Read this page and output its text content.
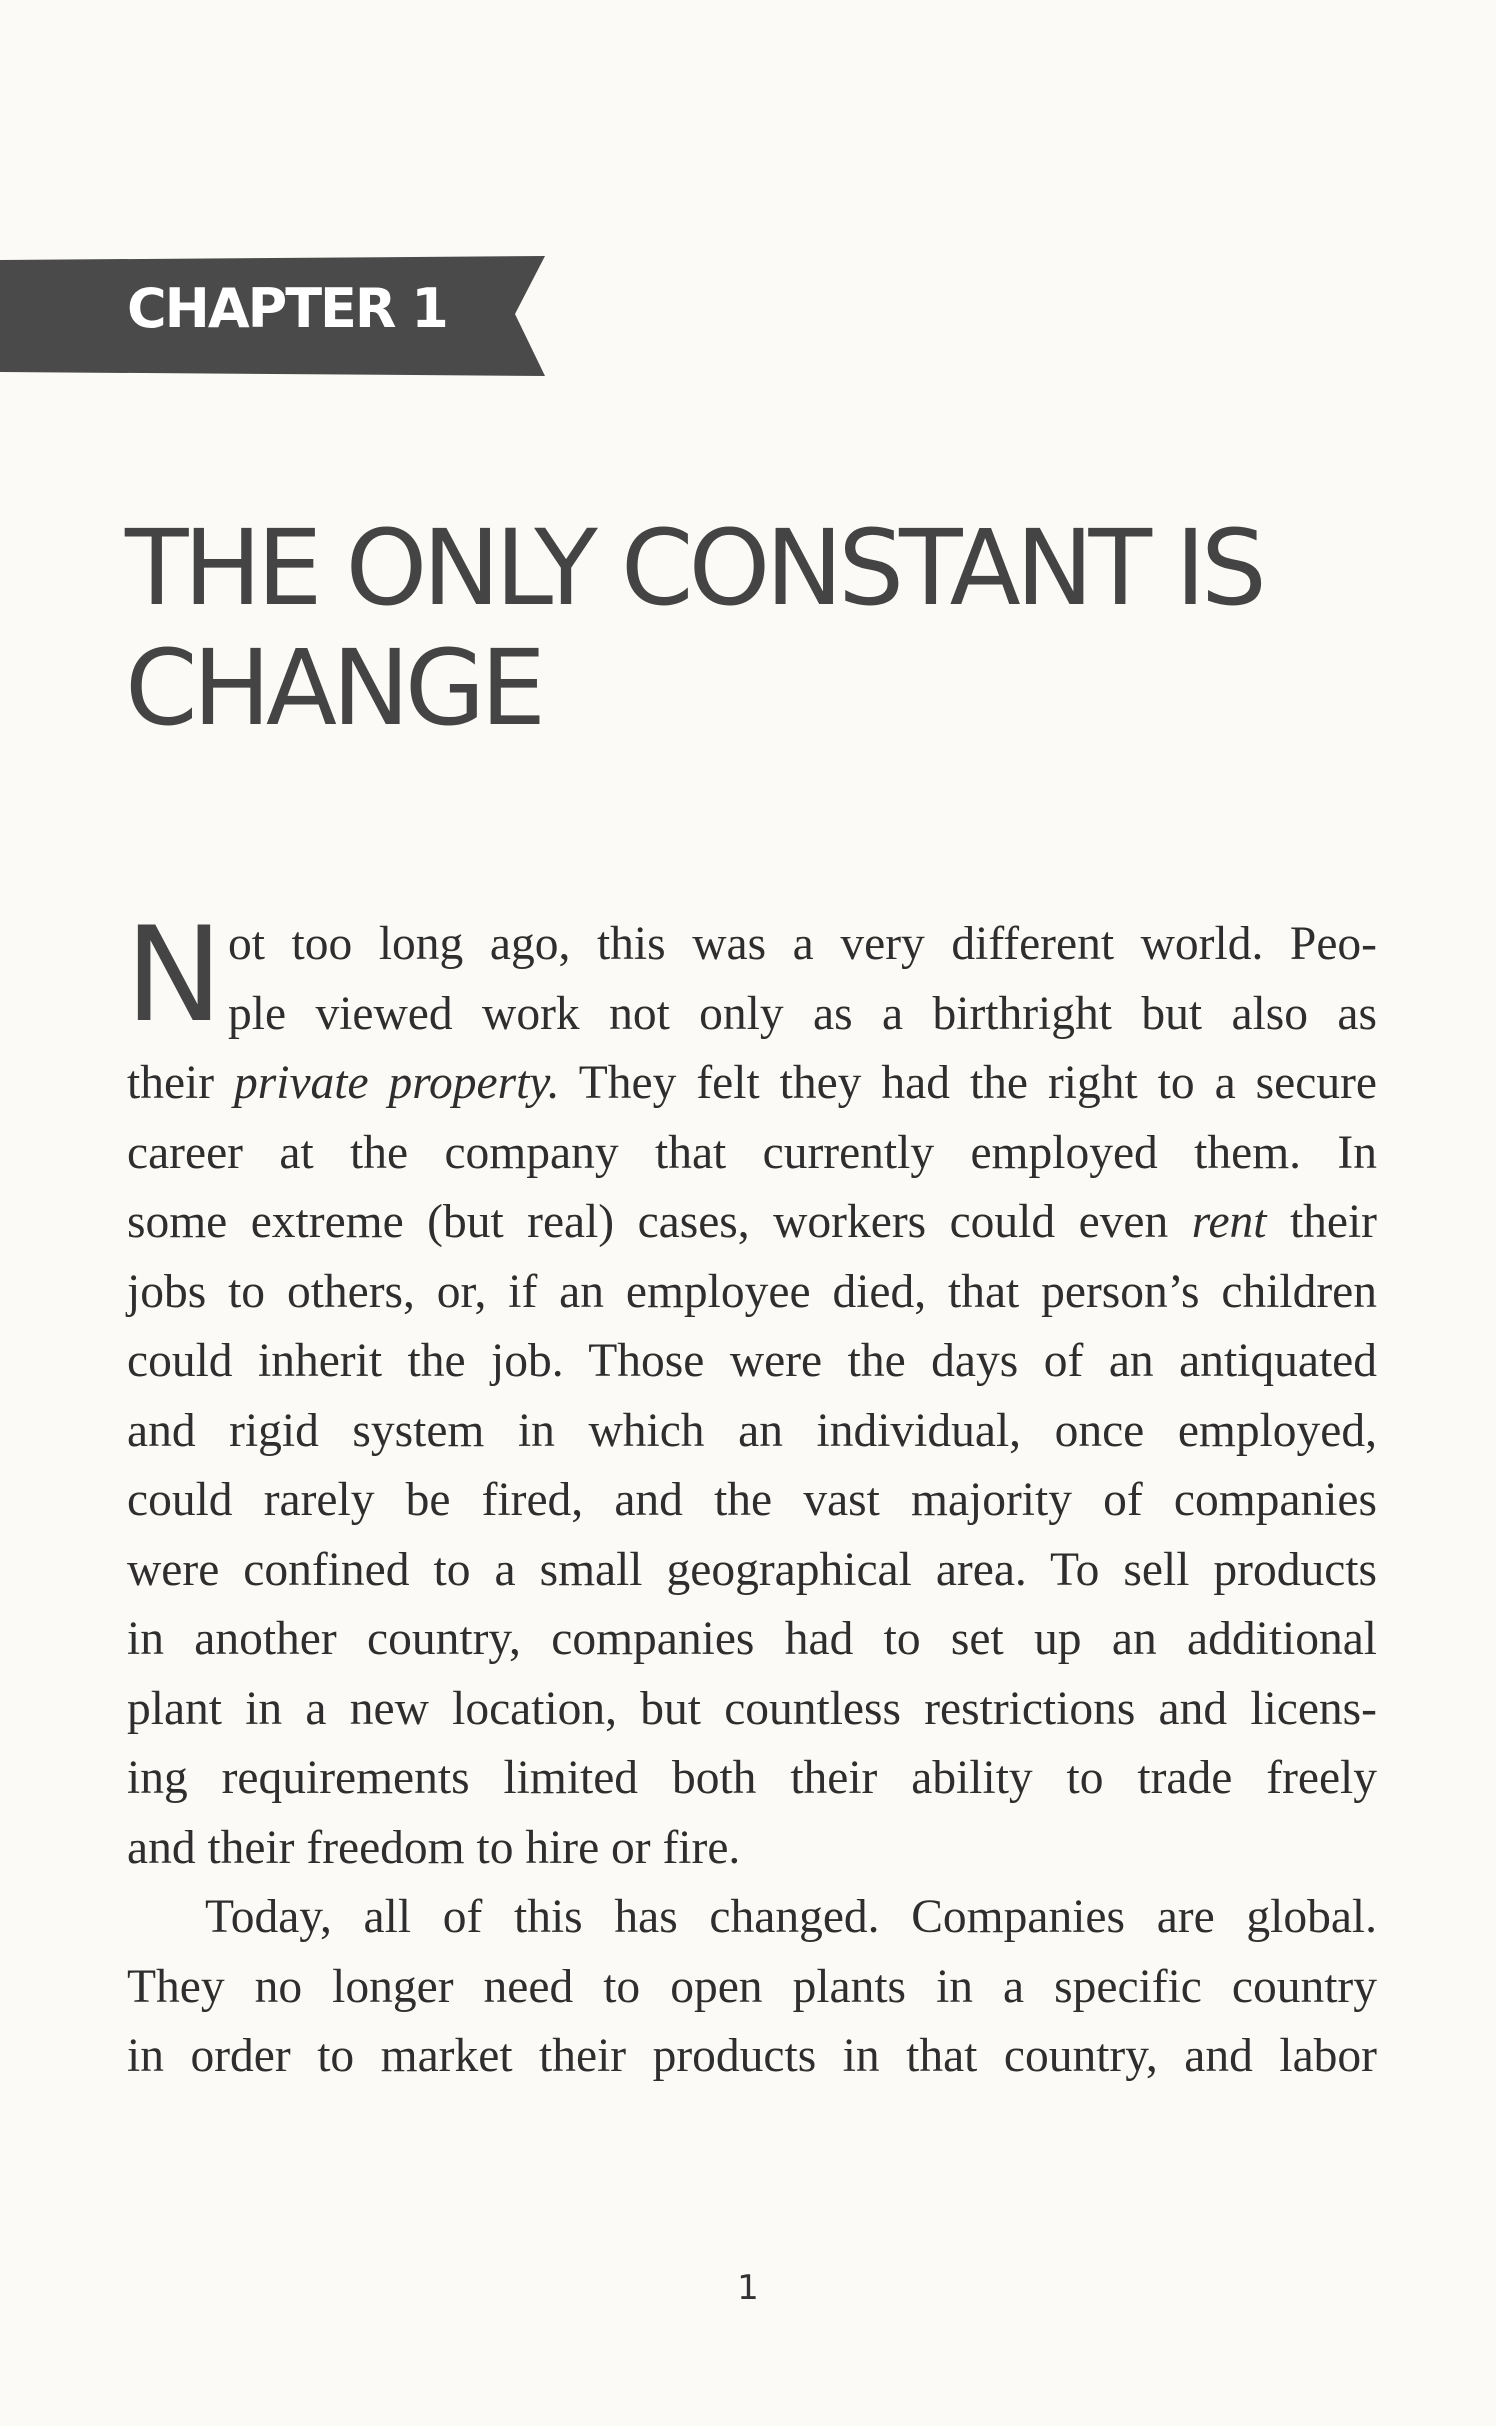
CHAPTER 1
THE ONLY CONSTANT IS
CHANGE
N ot too long ago, this was a very different world. Peo-
ple viewed work not only as a birthright but also as
their private property. They felt they had the right to a secure
career at the company that currently employed them. In
some extreme (but real) cases, workers could even rent their
jobs to others, or, if an employee died, that person’s children
could inherit the job. Those were the days of an antiquated
and rigid system in which an individual, once employed,
could rarely be fired, and the vast majority of companies
were confined to a small geographical area. To sell products
in another country, companies had to set up an additional
plant in a new location, but countless restrictions and licens-
ing requirements limited both their ability to trade freely
and their freedom to hire or fire.
Today, all of this has changed. Companies are global.
They no longer need to open plants in a specific country
in order to market their products in that country, and labor
1
